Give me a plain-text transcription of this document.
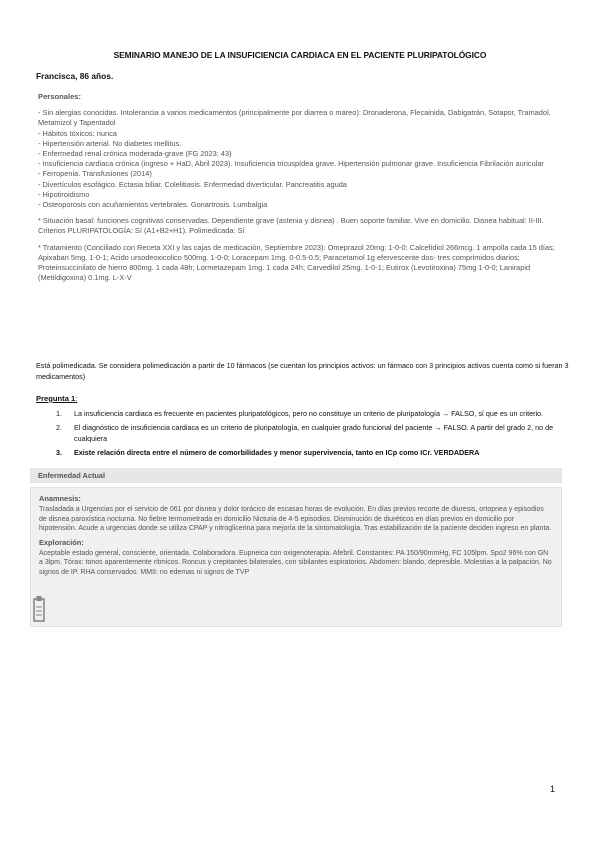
SEMINARIO MANEJO DE LA INSUFICIENCIA CARDIACA EN EL PACIENTE PLURIPATOLÓGICO
Francisca, 86 años.
Personales:
- Sin alergias conocidas. Intolerancia a varios medicamentos (principalmente por diarrea o mareo): Dronaderona, Flecainida, Dabigatrán, Sotapor, Tramadol, Metamizol y Tapentadol
- Hábitos tóxicos: nunca
- Hipertensión arterial. No diabetes mellitus.
- Enfermedad renal crónica moderada-grave (FG 2023: 43)
- Insuficiencia cardiaca crónica (ingreso + HaD, Abril 2023). Insuficiencia tricuspídea grave. Hipertensión pulmonar grave. Insuficiencia Fibrilación auricular
- Ferropenia. Transfusiones (2014)
- Divertículos esofágico. Ectasia biliar. Colelitiasis. Enfermedad diverticular. Pancreatitis aguda
- Hipotiroidismo
- Osteoporosis con acuñamientos vertebrales. Gonartrosis. Lumbalgia
* Situación basal: funciones cognitivas conservadas. Dependiente grave (astenia y disnea) . Buen soporte familiar. Vive en domicilio. Disnea habitual: II-III. Criterios PLURIPATOLOGÍA: Sí (A1+B2+H1). Polimedicada: Sí
* Tratamiento (Conciliado con Receta XXI y las cajas de medicación, Septiembre 2023): Omeprazol 20mg: 1-0-0; Calcefidiol 266mcg. 1 ampolla cada 15 días; Apixaban 5mg. 1-0-1; Acido ursodeoxicolico 500mg. 1-0-0; Loracepam 1mg. 0-0.5-0.5; Paracetamol 1g efervescente dos- tres comprimidos diarios; Proteinsuccinilato de hierro 800mg. 1 cada 48h; Lormetazepam 1mg. 1 cada 24h; Carvedilol 25mg. 1-0-1; Eutirox (Levotiroxina) 75mg 1-0-0; Lanirapid (Metildigoxina) 0.1mg. L-X-V
Está polimedicada. Se considera polimedicación a partir de 10 fármacos (se cuentan los principios activos: un fármaco con 3 principios activos cuenta como si fueran 3 medicamentos)
Pregunta 1:
1. La insuficiencia cardiaca es frecuente en pacientes pluripatológicos, pero no constituye un criterio de pluripatología → FALSO, sí que es un criterio.
2. El diagnóstico de insuficiencia cardiaca es un criterio de pluripatología, en cualquier grado funcional del paciente → FALSO. A partir del grado 2, no de cualquiera
3. Existe relación directa entre el número de comorbilidades y menor supervivencia, tanto en ICp como ICr. VERDADERA
Enfermedad Actual
Anamnesis:
Trasladada a Urgencias por el servicio de 061 por disnea y dolor torácico de escasas horas de evolución. En días previos recorte de diuresis, ortopnea y episodios de disnea paroxística nocturna. No fiebre termometrada en domicilio Nicturia de 4-5 episodios. Disminución de diuréticos en días previos en domicilio por hipotensión. Acude a urgencias donde se utiliza CPAP y nitroglicerina para mejoría de la sintomatología. Tras estabilización de la paciente deciden ingreso en planta.
Exploración:
Aceptable estado general, consciente, orientada. Colaboradora. Eupneica con oxigenoterapia. Afebril. Constantes: PA 150/90mmHg, FC 105lpm. Spo2 96% con GN a 3lpm. Tórax: tonos aparentemente rítmicos. Roncus y crepitantes bilaterales, con sibilantes espiratorios. Abdomen: blando, depresible. Molestias a la palpación. No signos de IP. RHA conservados. MMII: no edemas ni signos de TVP
1
